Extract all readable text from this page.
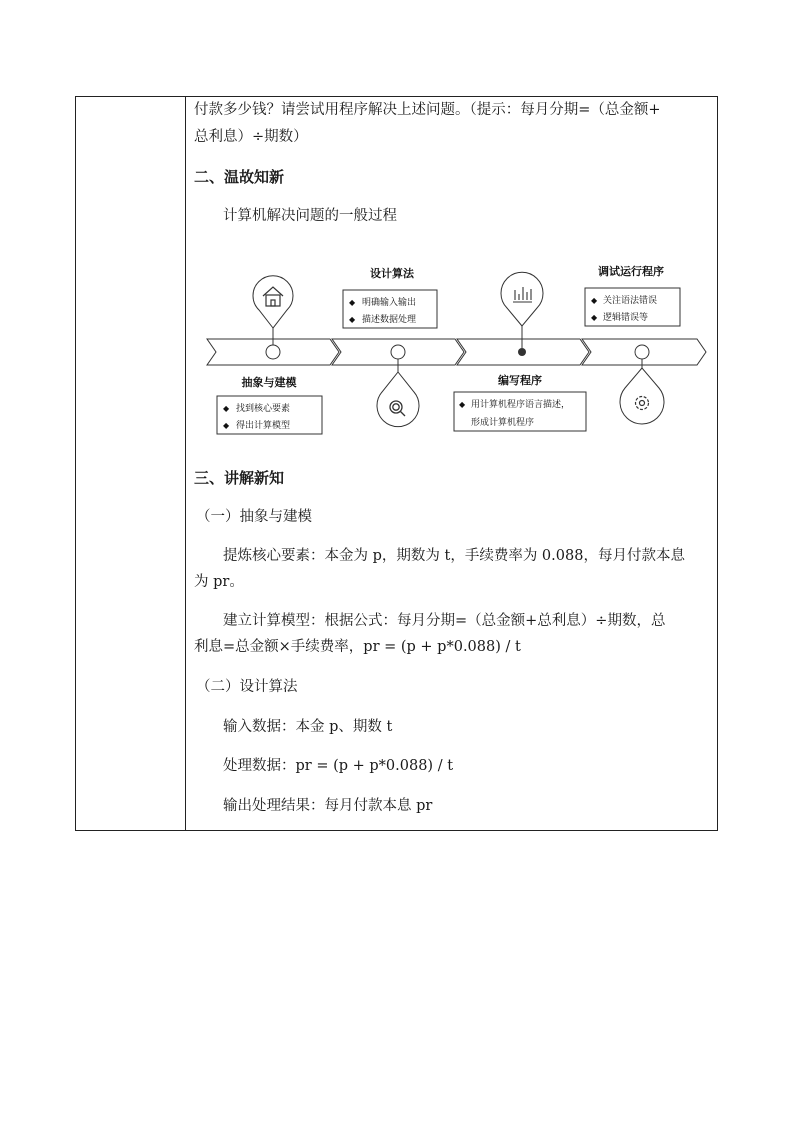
付款多少钱？请尝试用程序解决上述问题。（提示：每月分期=（总金额+
总利息）÷期数）
二、温故知新
计算机解决问题的一般过程
抽象与建模
◆ 找到核心要素
◆ 得出计算模型
设计算法
◆ 明确输入输出
◆ 描述数据处理
编写程序
◆ 用计算机程序语言描述，
形成计算机程序
调试运行程序
◆ 关注语法错误
◆ 逻辑错误等
三、讲解新知
（一）抽象与建模
提炼核心要素：本金为 p，期数为 t，手续费率为 0.088，每月付款本息
为 pr。
建立计算模型：根据公式：每月分期=（总金额+总利息）÷期数，总
利息=总金额×手续费率，pr = (p + p*0.088) / t
（二）设计算法
输入数据：本金 p、期数 t
处理数据：pr = (p + p*0.088) / t
输出处理结果：每月付款本息 pr
